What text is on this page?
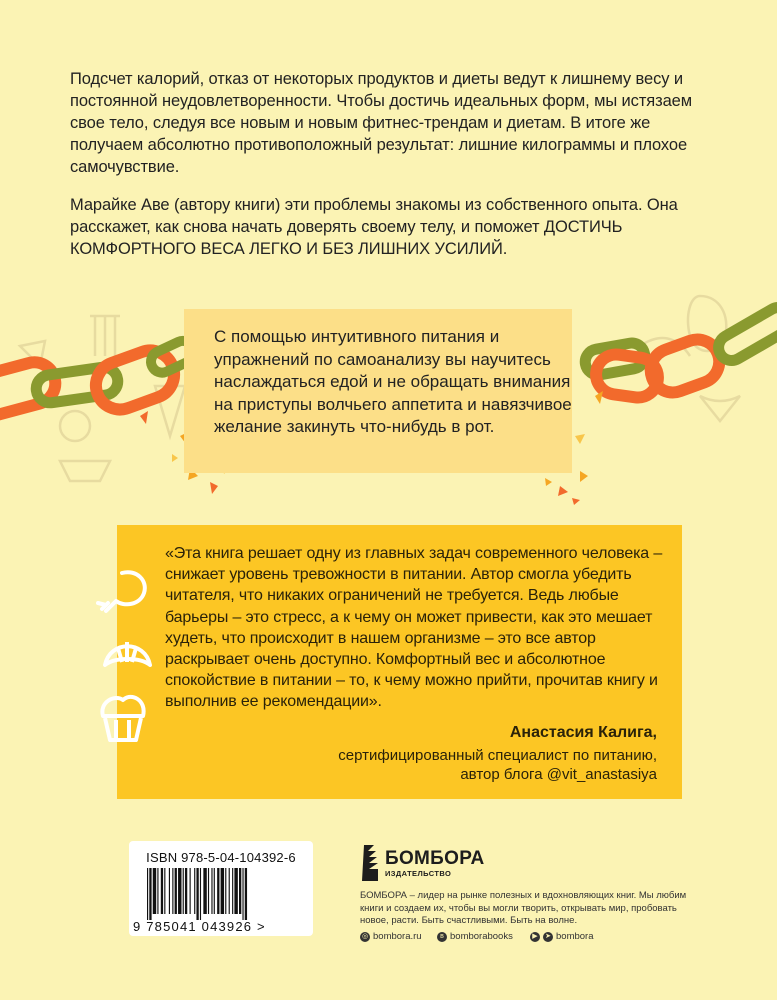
Подсчет калорий, отказ от некоторых продуктов и диеты ведут к лишнему весу и постоянной неудовлетворенности. Чтобы достичь идеальных форм, мы истязаем свое тело, следуя все новым и новым фитнес-трендам и диетам. В итоге же получаем абсолютно противоположный результат: лишние килограммы и плохое самочувствие.
Марайке Аве (автору книги) эти проблемы знакомы из собственного опыта. Она расскажет, как снова начать доверять своему телу, и поможет ДОСТИЧЬ КОМФОРТНОГО ВЕСА ЛЕГКО И БЕЗ ЛИШНИХ УСИЛИЙ.
С помощью интуитивного питания и упражнений по самоанализу вы научитесь наслаждаться едой и не обращать внимания на приступы волчьего аппетита и навязчивое желание закинуть что-нибудь в рот.
«Эта книга решает одну из главных задач современного человека – снижает уровень тревожности в питании. Автор смогла убедить читателя, что никаких ограничений не требуется. Ведь любые барьеры – это стресс, а к чему он может привести, как это мешает худеть, что происходит в нашем организме – это все автор раскрывает очень доступно. Комфортный вес и абсолютное спокойствие в питании – то, к чему можно прийти, прочитав книгу и выполнив ее рекомендации».
Анастасия Калига,
сертифицированный специалист по питанию,
автор блога @vit_anastasiya
ISBN 978-5-04-104392-6
9 785041 043926 >
БОМБОРА
ИЗДАТЕЛЬСТВО
БОМБОРА – лидер на рынке полезных и вдохновляющих книг. Мы любим книги и создаем их, чтобы вы могли творить, открывать мир, пробовать новое, расти. Быть счастливыми. Быть на волне.
◎ bombora.ru	в bomborabooks	▶	➤ bombora
